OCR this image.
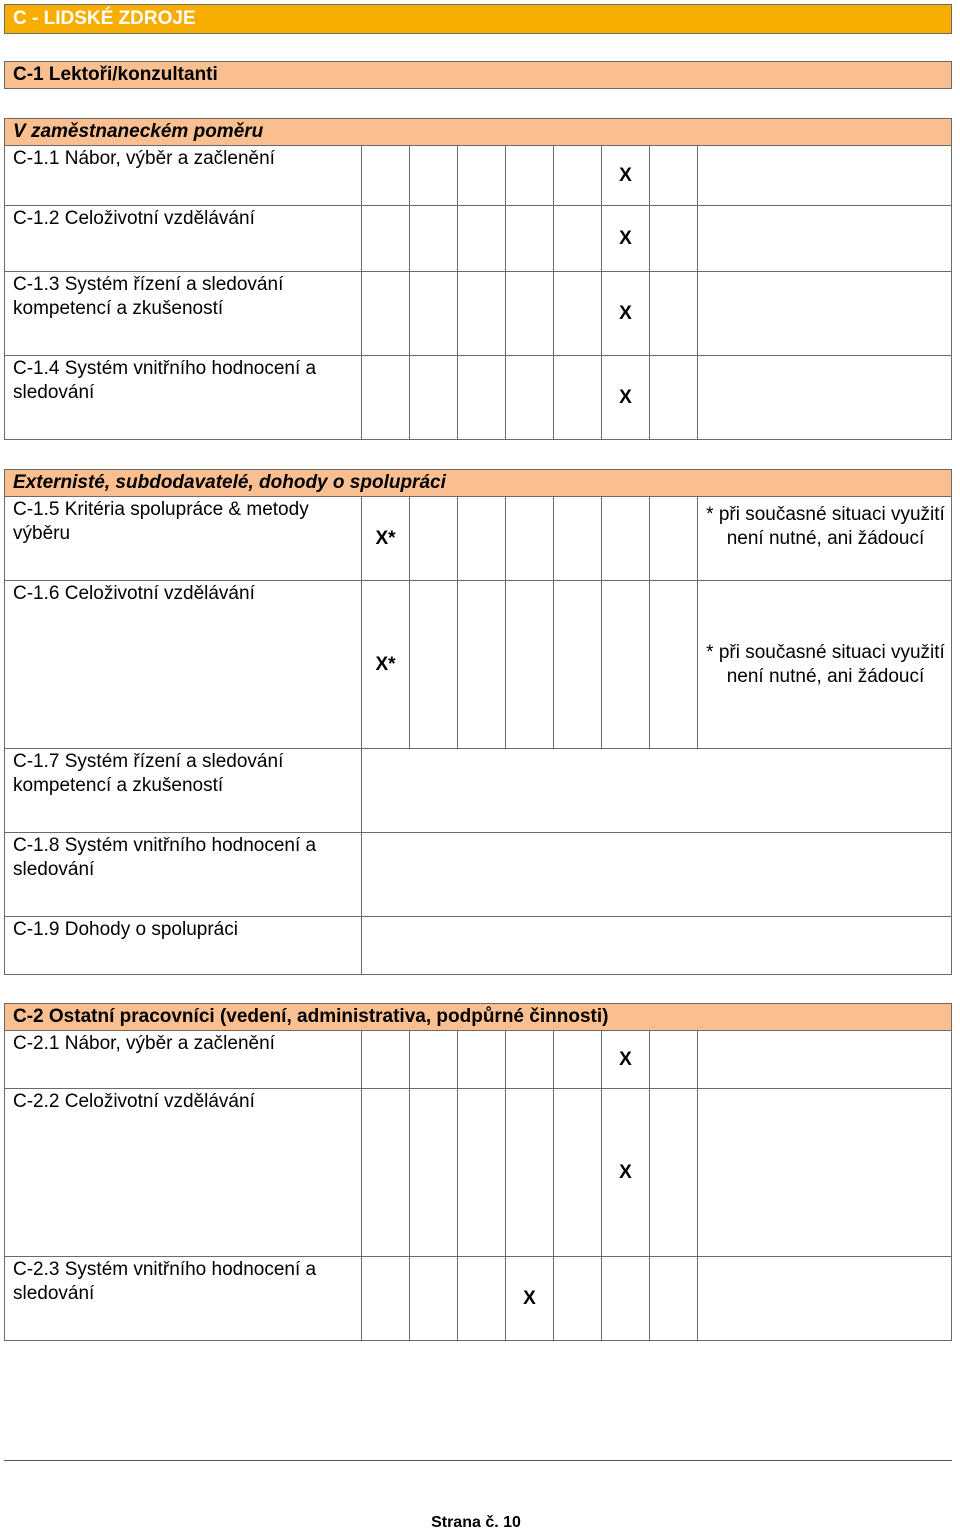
C - LIDSKÉ ZDROJE
C-1 Lektoři/konzultanti
V zaměstnaneckém poměru
C-1.1 Nábor, výběr a začlenění						X		
C-1.2 Celoživotní vzdělávání						X		
C-1.3 Systém řízení a sledování kompetencí a zkušeností						X		
C-1.4 Systém vnitřního hodnocení a sledování						X		
Externisté, subdodavatelé, dohody o spolupráci
C-1.5 Kritéria spolupráce & metody výběru	X*							* při současné situaci využití není nutné, ani žádoucí
C-1.6 Celoživotní vzdělávání	X*							* při současné situaci využití není nutné, ani žádoucí
C-1.7 Systém řízení a sledování kompetencí a zkušeností								
C-1.8 Systém vnitřního hodnocení a sledování								
C-1.9 Dohody o spolupráci								
C-2 Ostatní pracovníci (vedení, administrativa, podpůrné činnosti)
C-2.1 Nábor, výběr a začlenění						X		
C-2.2 Celoživotní vzdělávání						X		
C-2.3 Systém vnitřního hodnocení a sledování				X				
Strana č. 10
